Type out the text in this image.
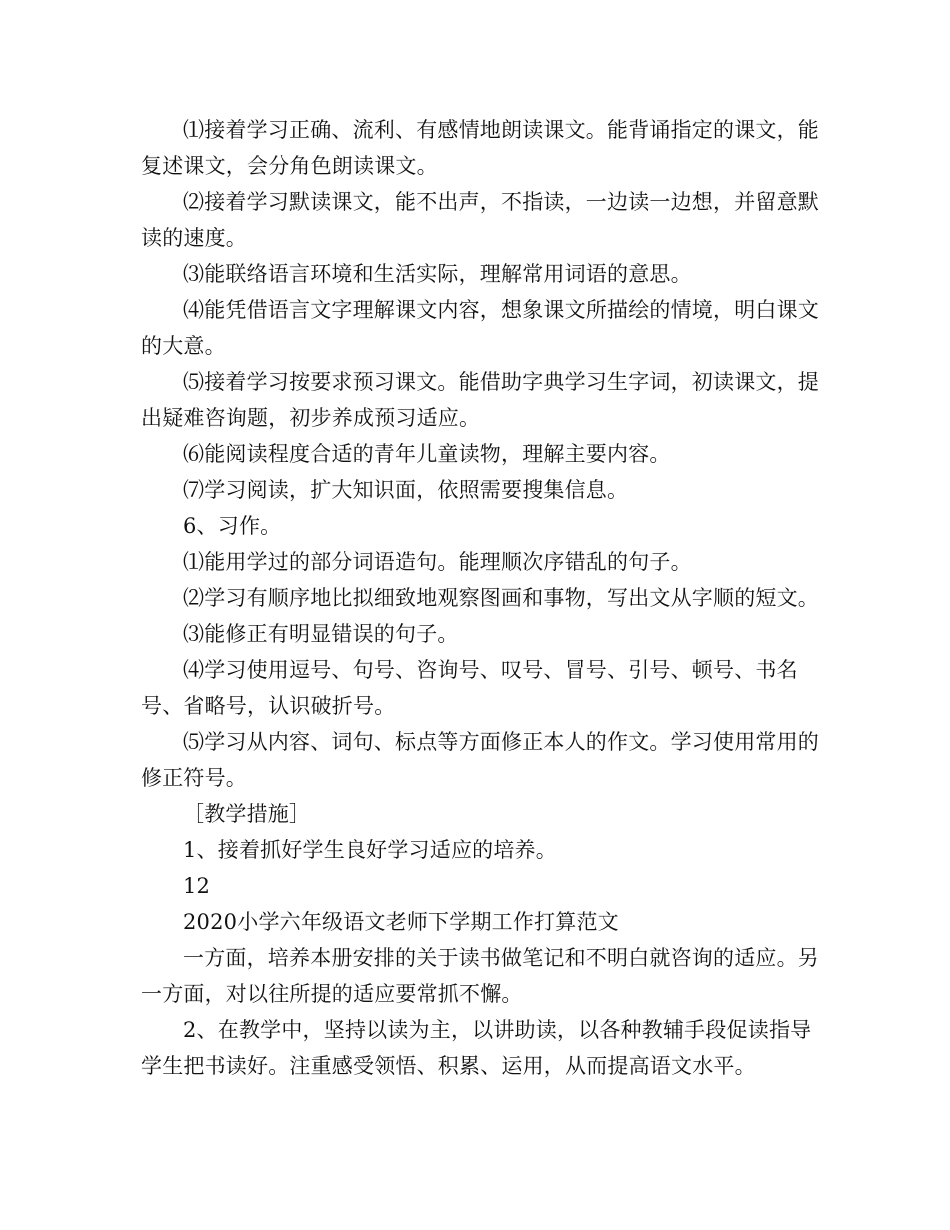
⑴接着学习正确、流利、有感情地朗读课文。能背诵指定的课文，能复述课文，会分角色朗读课文。

⑵接着学习默读课文，能不出声，不指读，一边读一边想，并留意默读的速度。

⑶能联络语言环境和生活实际，理解常用词语的意思。

⑷能凭借语言文字理解课文内容，想象课文所描绘的情境，明白课文的大意。

⑸接着学习按要求预习课文。能借助字典学习生字词，初读课文，提出疑难咨询题，初步养成预习适应。

⑹能阅读程度合适的青年儿童读物，理解主要内容。

⑺学习阅读，扩大知识面，依照需要搜集信息。

6、习作。

⑴能用学过的部分词语造句。能理顺次序错乱的句子。

⑵学习有顺序地比拟细致地观察图画和事物，写出文从字顺的短文。

⑶能修正有明显错误的句子。

⑷学习使用逗号、句号、咨询号、叹号、冒号、引号、顿号、书名号、省略号，认识破折号。

⑸学习从内容、词句、标点等方面修正本人的作文。学习使用常用的修正符号。

［教学措施］

1、接着抓好学生良好学习适应的培养。

12

2020小学六年级语文老师下学期工作打算范文

一方面，培养本册安排的关于读书做笔记和不明白就咨询的适应。另一方面，对以往所提的适应要常抓不懈。

2、在教学中，坚持以读为主，以讲助读，以各种教辅手段促读指导学生把书读好。注重感受领悟、积累、运用，从而提高语文水平。
